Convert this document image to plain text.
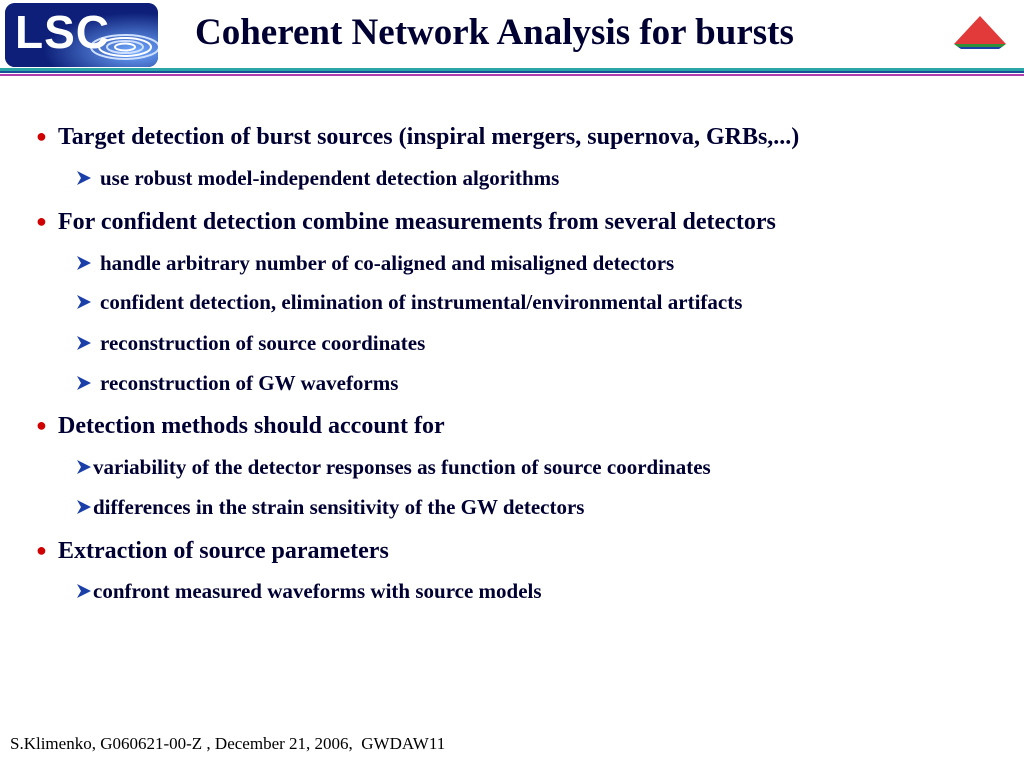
LSC Coherent Network Analysis for bursts
● Target detection of burst sources (inspiral mergers, supernova, GRBs,...)
use robust model-independent detection algorithms
● For confident detection combine measurements from several detectors
handle arbitrary number of co-aligned and misaligned detectors
confident detection, elimination of instrumental/environmental artifacts
reconstruction of source coordinates
reconstruction of GW waveforms
● Detection methods should account for
variability of the detector responses as function of source coordinates
differences in the strain sensitivity of the GW detectors
● Extraction of source parameters
confront measured waveforms with source models
S.Klimenko, G060621-00-Z , December 21, 2006,  GWDAW11
